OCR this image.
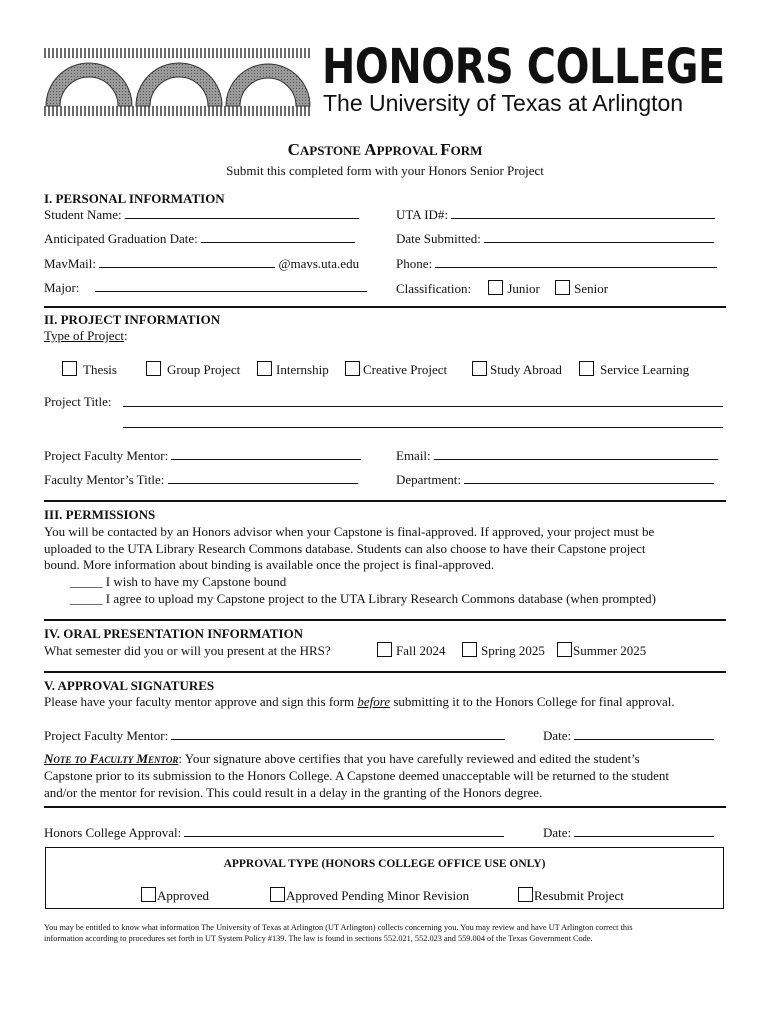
HONORS COLLEGE
The University of Texas at Arlington
CAPSTONE APPROVAL FORM
Submit this completed form with your Honors Senior Project
I. PERSONAL INFORMATION
Student Name:	UTA ID#:
Anticipated Graduation Date:	Date Submitted:
MavMail:	@mavs.uta.edu	Phone:
Major:	Classification:	Junior	Senior
II. PROJECT INFORMATION
Type of Project:
Thesis	Group Project	Internship	Creative Project	Study Abroad	Service Learning
Project Title:
Project Faculty Mentor:	Email:
Faculty Mentor’s Title:	Department:
III. PERMISSIONS
You will be contacted by an Honors advisor when your Capstone is final-approved. If approved, your project must be
uploaded to the UTA Library Research Commons database. Students can also choose to have their Capstone project
bound. More information about binding is available once the project is final-approved.
_____ I wish to have my Capstone bound
_____ I agree to upload my Capstone project to the UTA Library Research Commons database (when prompted)
IV. ORAL PRESENTATION INFORMATION
What semester did you or will you present at the HRS?	Fall 2024	Spring 2025	Summer 2025
V. APPROVAL SIGNATURES
Please have your faculty mentor approve and sign this form before submitting it to the Honors College for final approval.
Project Faculty Mentor:	Date:
Note to Faculty Mentor: Your signature above certifies that you have carefully reviewed and edited the student’s
Capstone prior to its submission to the Honors College. A Capstone deemed unacceptable will be returned to the student
and/or the mentor for revision. This could result in a delay in the granting of the Honors degree.
Honors College Approval:	Date:
APPROVAL TYPE (HONORS COLLEGE OFFICE USE ONLY)
Approved	Approved Pending Minor Revision	Resubmit Project
You may be entitled to know what information The University of Texas at Arlington (UT Arlington) collects concerning you. You may review and have UT Arlington correct this
information according to procedures set forth in UT System Policy #139. The law is found in sections 552.021, 552.023 and 559.004 of the Texas Government Code.
